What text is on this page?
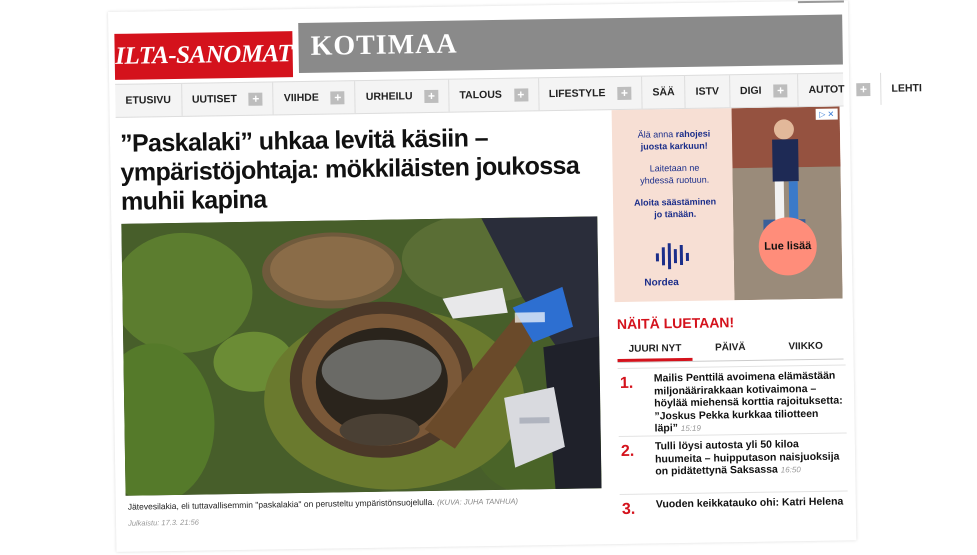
ILTA-SANOMAT KOTIMAA
ETUSIVU UUTISET +	VIIHDE +	URHEILU +	TALOUS +	LIFESTYLE +	SÄÄ ISTV DIGI +	AUTOT +	LEHTI
”Paskalaki” uhkaa levitä käsiin – ympäristöjohtaja: mökkiläisten joukossa muhii kapina
Jätevesilakia, eli tuttavallisemmin "paskalakia" on perusteltu ympäristönsuojelulla. (KUVA: JUHA TANHUA)
Julkaistu: 17.3. 21:56
Älä anna rahojesi
juosta karkuun!
Laitetaan ne
yhdessä ruotuun.
Aloita säästäminen
jo tänään.
Nordea
Lue lisää
▷ ✕
NÄITÄ LUETAAN!
JUURI NYT	PÄIVÄ	VIIKKO
1. Mailis Penttilä avoimena elämästään miljonäärirakkaan kotivaimona – höylää miehensä korttia rajoituksetta: ”Joskus Pekka kurkkaa tiliotteen läpi” 15:19
2. Tulli löysi autosta yli 50 kiloa huumeita – huipputason naisjuoksija on pidätettynä Saksassa 16:50
3. Vuoden keikkatauko ohi: Katri Helena
